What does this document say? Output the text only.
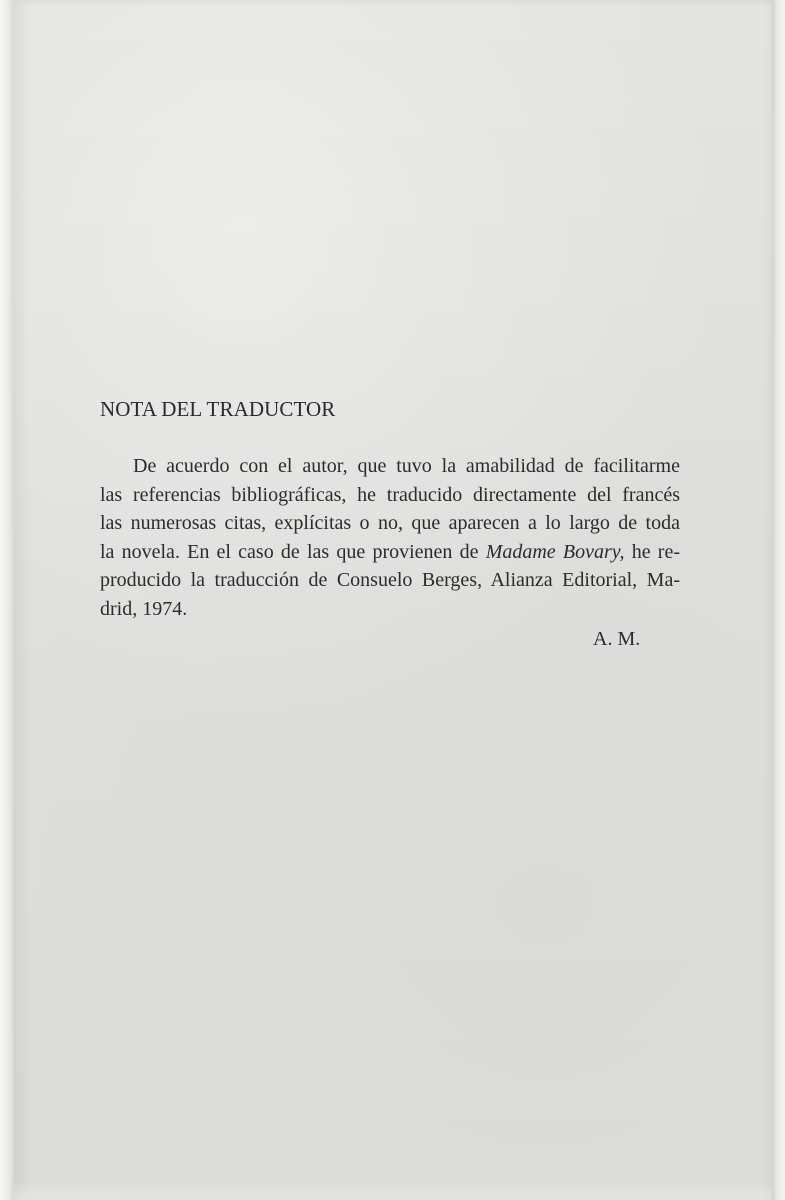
NOTA DEL TRADUCTOR
De acuerdo con el autor, que tuvo la amabilidad de facilitarme
las referencias bibliográficas, he traducido directamente del francés
las numerosas citas, explícitas o no, que aparecen a lo largo de toda
la novela. En el caso de las que provienen de Madame Bovary, he re-
producido la traducción de Consuelo Berges, Alianza Editorial, Ma-
drid, 1974.
A. M.
